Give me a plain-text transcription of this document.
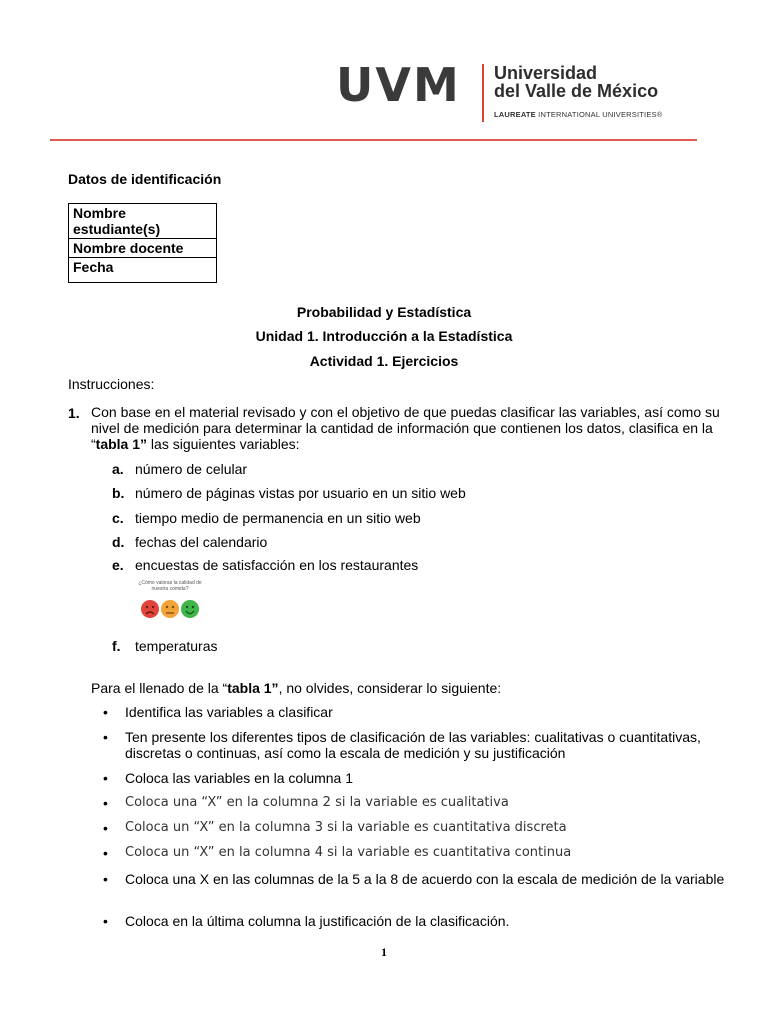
UVM Universidad
del Valle de México
LAUREATE INTERNATIONAL UNIVERSITIES®
Datos de identificación
Nombre estudiante(s)
Nombre docente
Fecha
Probabilidad y Estadística
Unidad 1. Introducción a la Estadística
Actividad 1. Ejercicios
Instrucciones:
1. Con base en el material revisado y con el objetivo de que puedas clasificar las variables, así como su nivel de medición para determinar la cantidad de información que contienen los datos, clasifica en la “tabla 1” las siguientes variables:
a. número de celular
b. número de páginas vistas por usuario en un sitio web
c. tiempo medio de permanencia en un sitio web
d. fechas del calendario
e. encuestas de satisfacción en los restaurantes
¿Cómo valoras la calidad de nuestra comida?
f. temperaturas
Para el llenado de la “tabla 1”, no olvides, considerar lo siguiente:
• Identifica las variables a clasificar
• Ten presente los diferentes tipos de clasificación de las variables: cualitativas o cuantitativas, discretas o continuas, así como la escala de medición y su justificación
• Coloca las variables en la columna 1
• Coloca una “X” en la columna 2 si la variable es cualitativa
• Coloca un “X” en la columna 3 si la variable es cuantitativa discreta
• Coloca un “X” en la columna 4 si la variable es cuantitativa continua
• Coloca una X en las columnas de la 5 a la 8 de acuerdo con la escala de medición de la variable
• Coloca en la última columna la justificación de la clasificación.
1
